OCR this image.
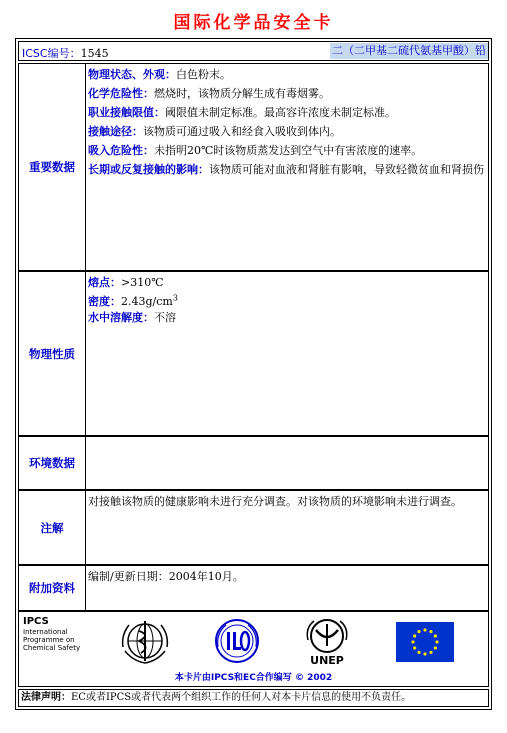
国际化学品安全卡
ICSC编号：1545	二（二甲基二硫代氨基甲酸）铅
重要数据
物理状态、外观：白色粉末。
化学危险性：燃烧时，该物质分解生成有毒烟雾。
职业接触限值：阈限值未制定标准。最高容许浓度未制定标准。
接触途径：该物质可通过吸入和经食入吸收到体内。
吸入危险性：未指明20℃时该物质蒸发达到空气中有害浓度的速率。
长期或反复接触的影响：该物质可能对血液和肾脏有影响，导致轻微贫血和肾损伤
物理性质
熔点：>310℃
密度：$2.43g/cm^3$
水中溶解度：不溶
环境数据
注解
对接触该物质的健康影响未进行充分调查。对该物质的环境影响未进行调查。
附加资料
编制/更新日期：2004年10月。
IPCS
International
Programme on
Chemical Safety
UNEP
本卡片由IPCS和EC合作编写 © 2002
法律声明：EC或者IPCS或者代表两个组织工作的任何人对本卡片信息的使用不负责任。
